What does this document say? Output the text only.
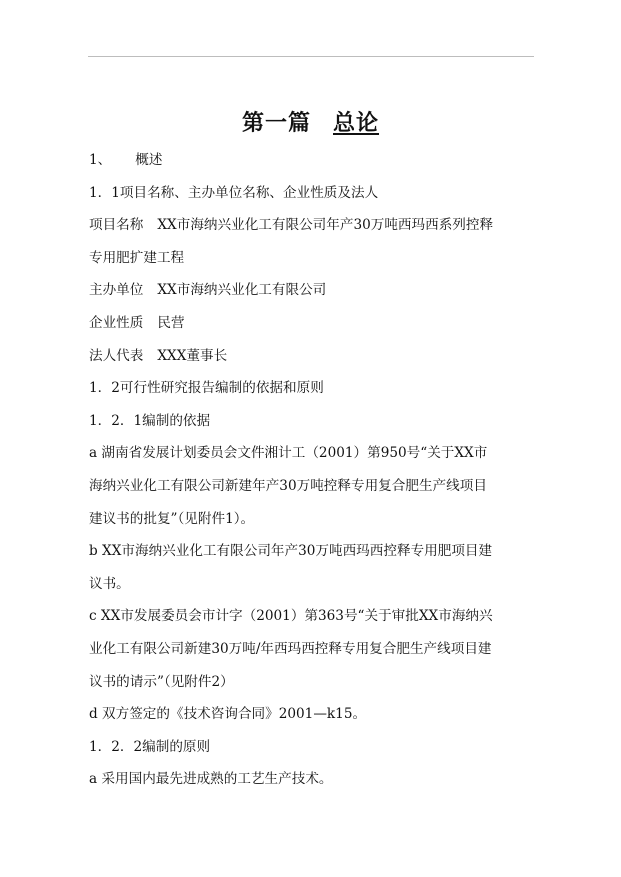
第一篇 总论
1、 概述
1．1项目名称、主办单位名称、企业性质及法人
项目名称 XX市海纳兴业化工有限公司年产30万吨西玛西系列控释
专用肥扩建工程
主办单位 XX市海纳兴业化工有限公司
企业性质 民营
法人代表 XXX董事长
1．2可行性研究报告编制的依据和原则
1．2．1编制的依据
a 湖南省发展计划委员会文件湘计工（2001）第950号“关于XX市
海纳兴业化工有限公司新建年产30万吨控释专用复合肥生产线项目
建议书的批复”（见附件1）。
b XX市海纳兴业化工有限公司年产30万吨西玛西控释专用肥项目建
议书。
c XX市发展委员会市计字（2001）第363号“关于审批XX市海纳兴
业化工有限公司新建30万吨/年西玛西控释专用复合肥生产线项目建
议书的请示”（见附件2）
d 双方签定的《技术咨询合同》2001—k15。
1．2．2编制的原则
a 采用国内最先进成熟的工艺生产技术。
